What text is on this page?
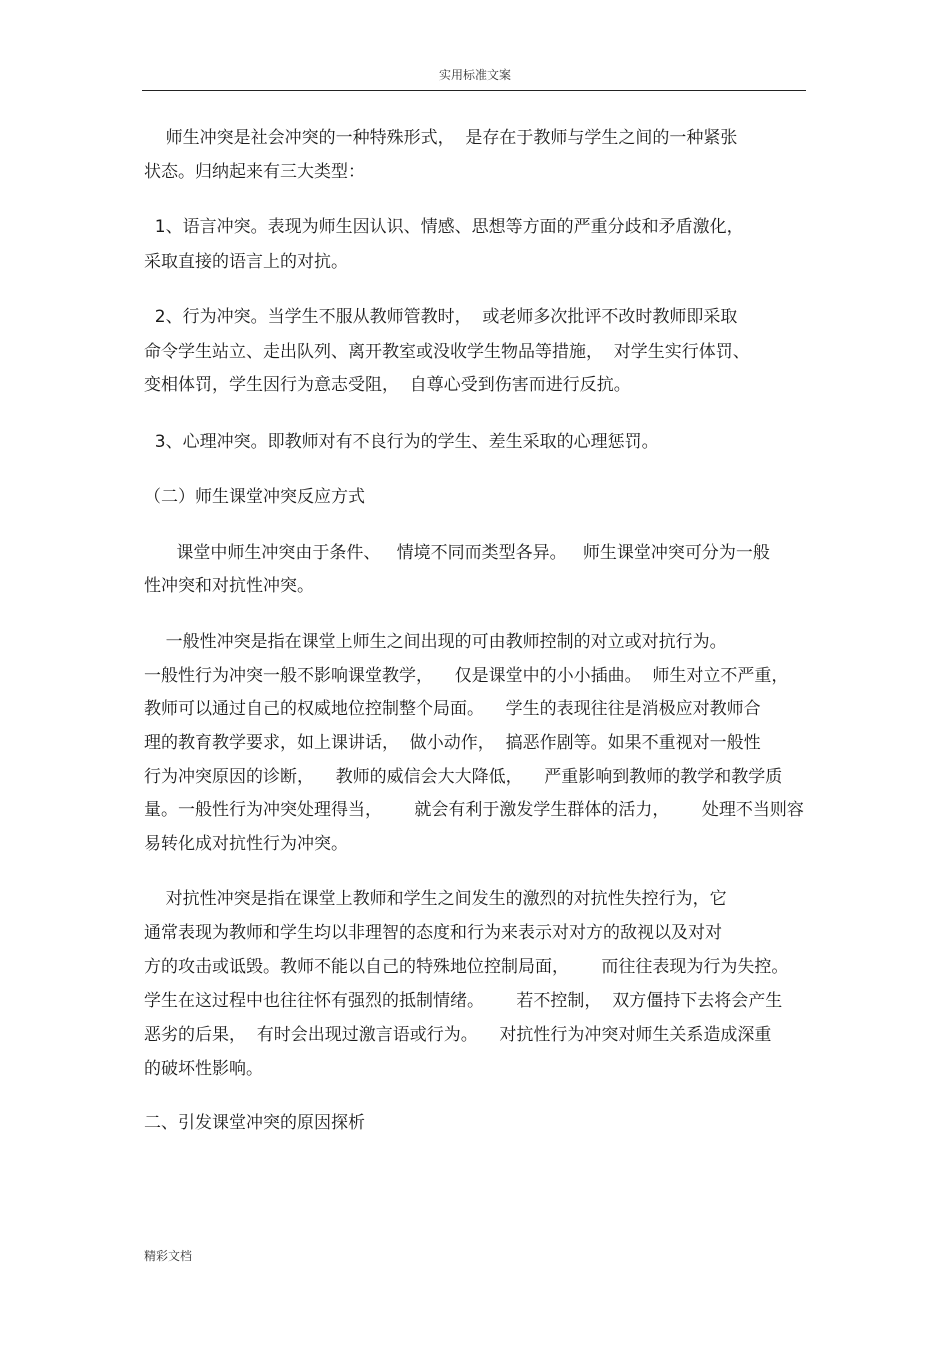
实用标准文案
师生冲突是社会冲突的一种特殊形式，  是存在于教师与学生之间的一种紧张
状态。归纳起来有三大类型：
1、语言冲突。表现为师生因认识、情感、思想等方面的严重分歧和矛盾激化，
采取直接的语言上的对抗。
2、行为冲突。当学生不服从教师管教时，  或老师多次批评不改时教师即采取
命令学生站立、走出队列、离开教室或没收学生物品等措施，  对学生实行体罚、
变相体罚，学生因行为意志受阻，  自尊心受到伤害而进行反抗。
3、心理冲突。即教师对有不良行为的学生、差生采取的心理惩罚。
（二）师生课堂冲突反应方式
课堂中师生冲突由于条件、   情境不同而类型各异。   师生课堂冲突可分为一般
性冲突和对抗性冲突。
一般性冲突是指在课堂上师生之间出现的可由教师控制的对立或对抗行为。
一般性行为冲突一般不影响课堂教学，    仅是课堂中的小小插曲。  师生对立不严重，
教师可以通过自己的权威地位控制整个局面。    学生的表现往往是消极应对教师合
理的教育教学要求，如上课讲话，  做小动作，  搞恶作剧等。如果不重视对一般性
行为冲突原因的诊断，    教师的威信会大大降低，    严重影响到教师的教学和教学质
量。一般性行为冲突处理得当，      就会有利于激发学生群体的活力，      处理不当则容
易转化成对抗性行为冲突。
对抗性冲突是指在课堂上教师和学生之间发生的激烈的对抗性失控行为，它
通常表现为教师和学生均以非理智的态度和行为来表示对对方的敌视以及对对
方的攻击或诋毁。教师不能以自己的特殊地位控制局面，      而往往表现为行为失控。
学生在这过程中也往往怀有强烈的抵制情绪。      若不控制，  双方僵持下去将会产生
恶劣的后果，  有时会出现过激言语或行为。    对抗性行为冲突对师生关系造成深重
的破坏性影响。
二、引发课堂冲突的原因探析
精彩文档
